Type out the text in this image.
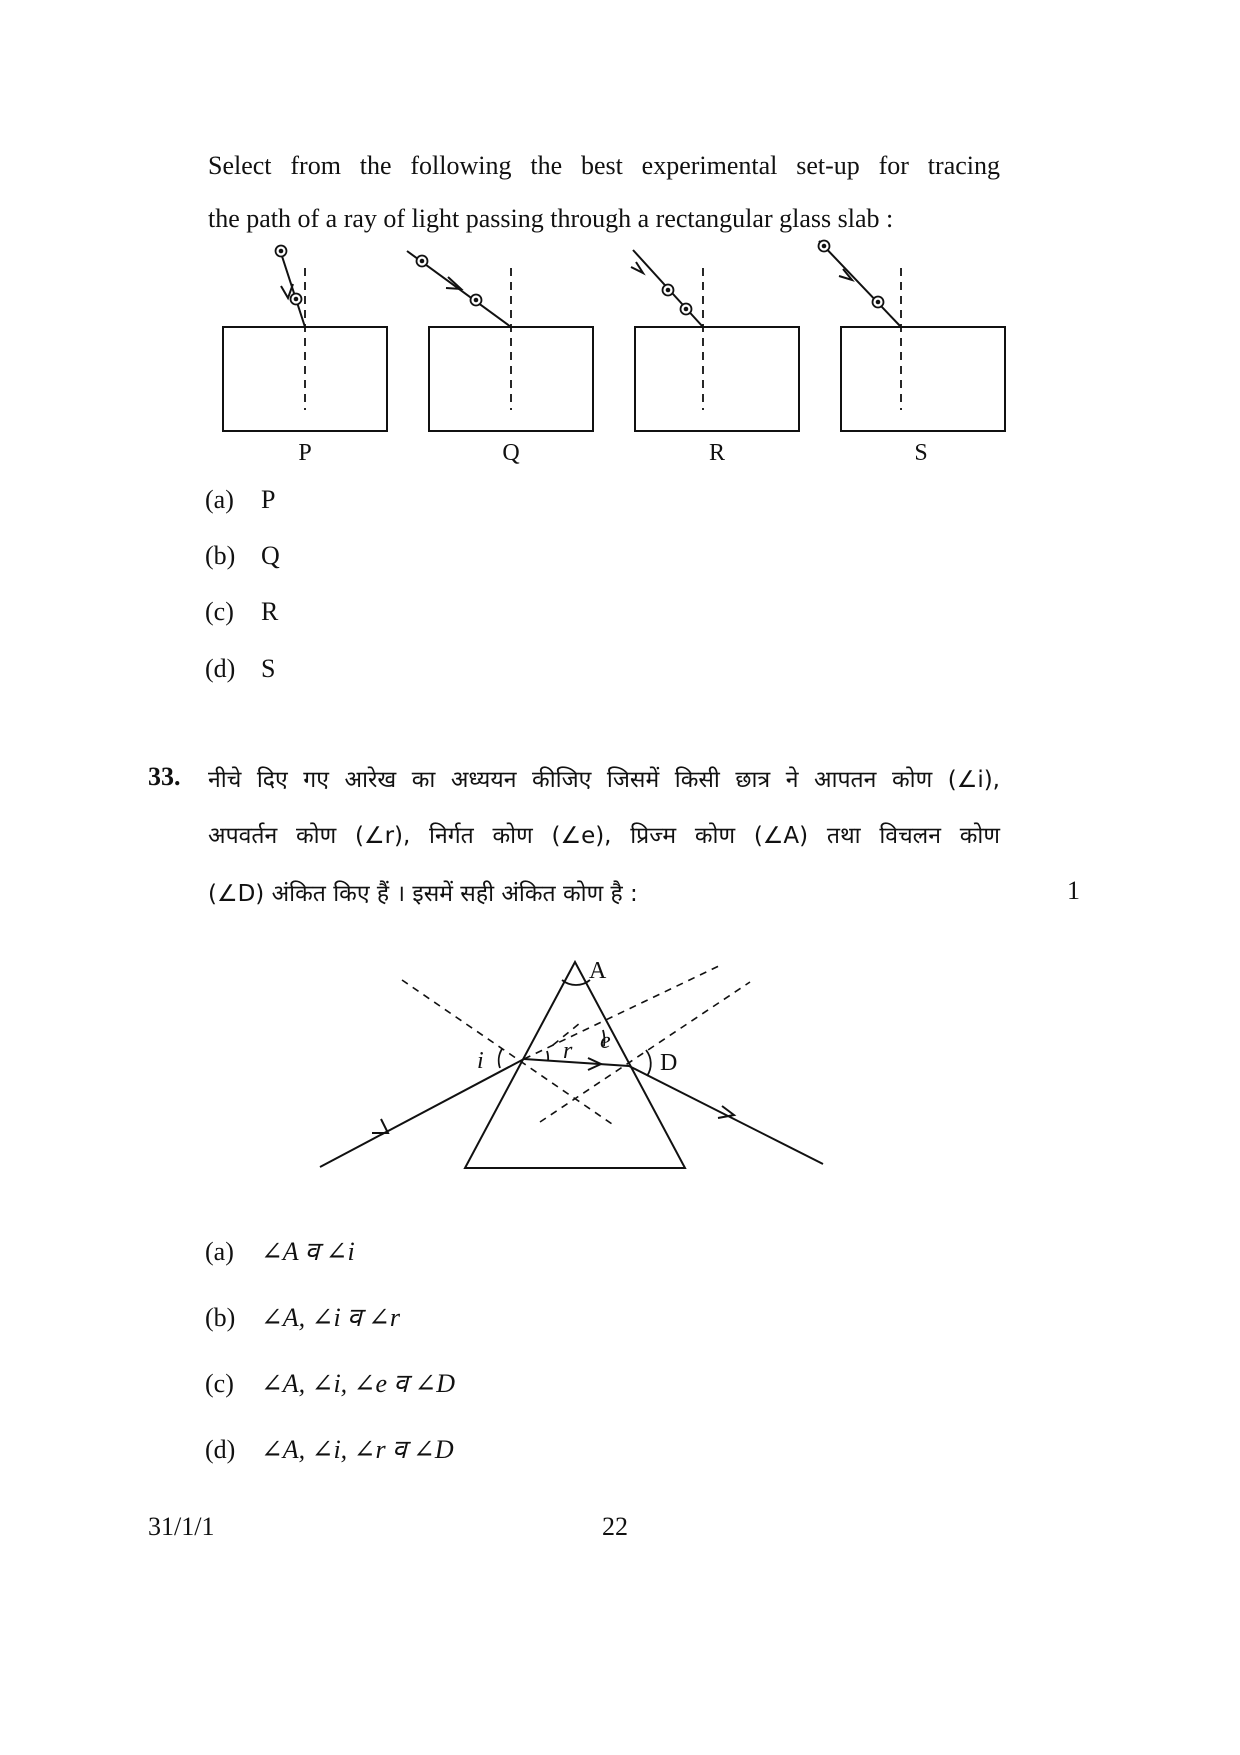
Select from the following the best experimental set-up for tracing
the path of a ray of light passing through a rectangular glass slab :
P	Q	R	S
(a) P
(b) Q
(c) R
(d) S
33. नीचे दिए गए आरेख का अध्ययन कीजिए जिसमें किसी छात्र ने आपतन कोण (∠i),
अपवर्तन कोण (∠r), निर्गत कोण (∠e), प्रिज्म कोण (∠A) तथा विचलन कोण
(∠D) अंकित किए हैं । इसमें सही अंकित कोण है :	1
A
i	r e
D
(a) ∠A व ∠i
(b) ∠A, ∠i व ∠r
(c) ∠A, ∠i, ∠e व ∠D
(d) ∠A, ∠i, ∠r व ∠D
31/1/1	22
